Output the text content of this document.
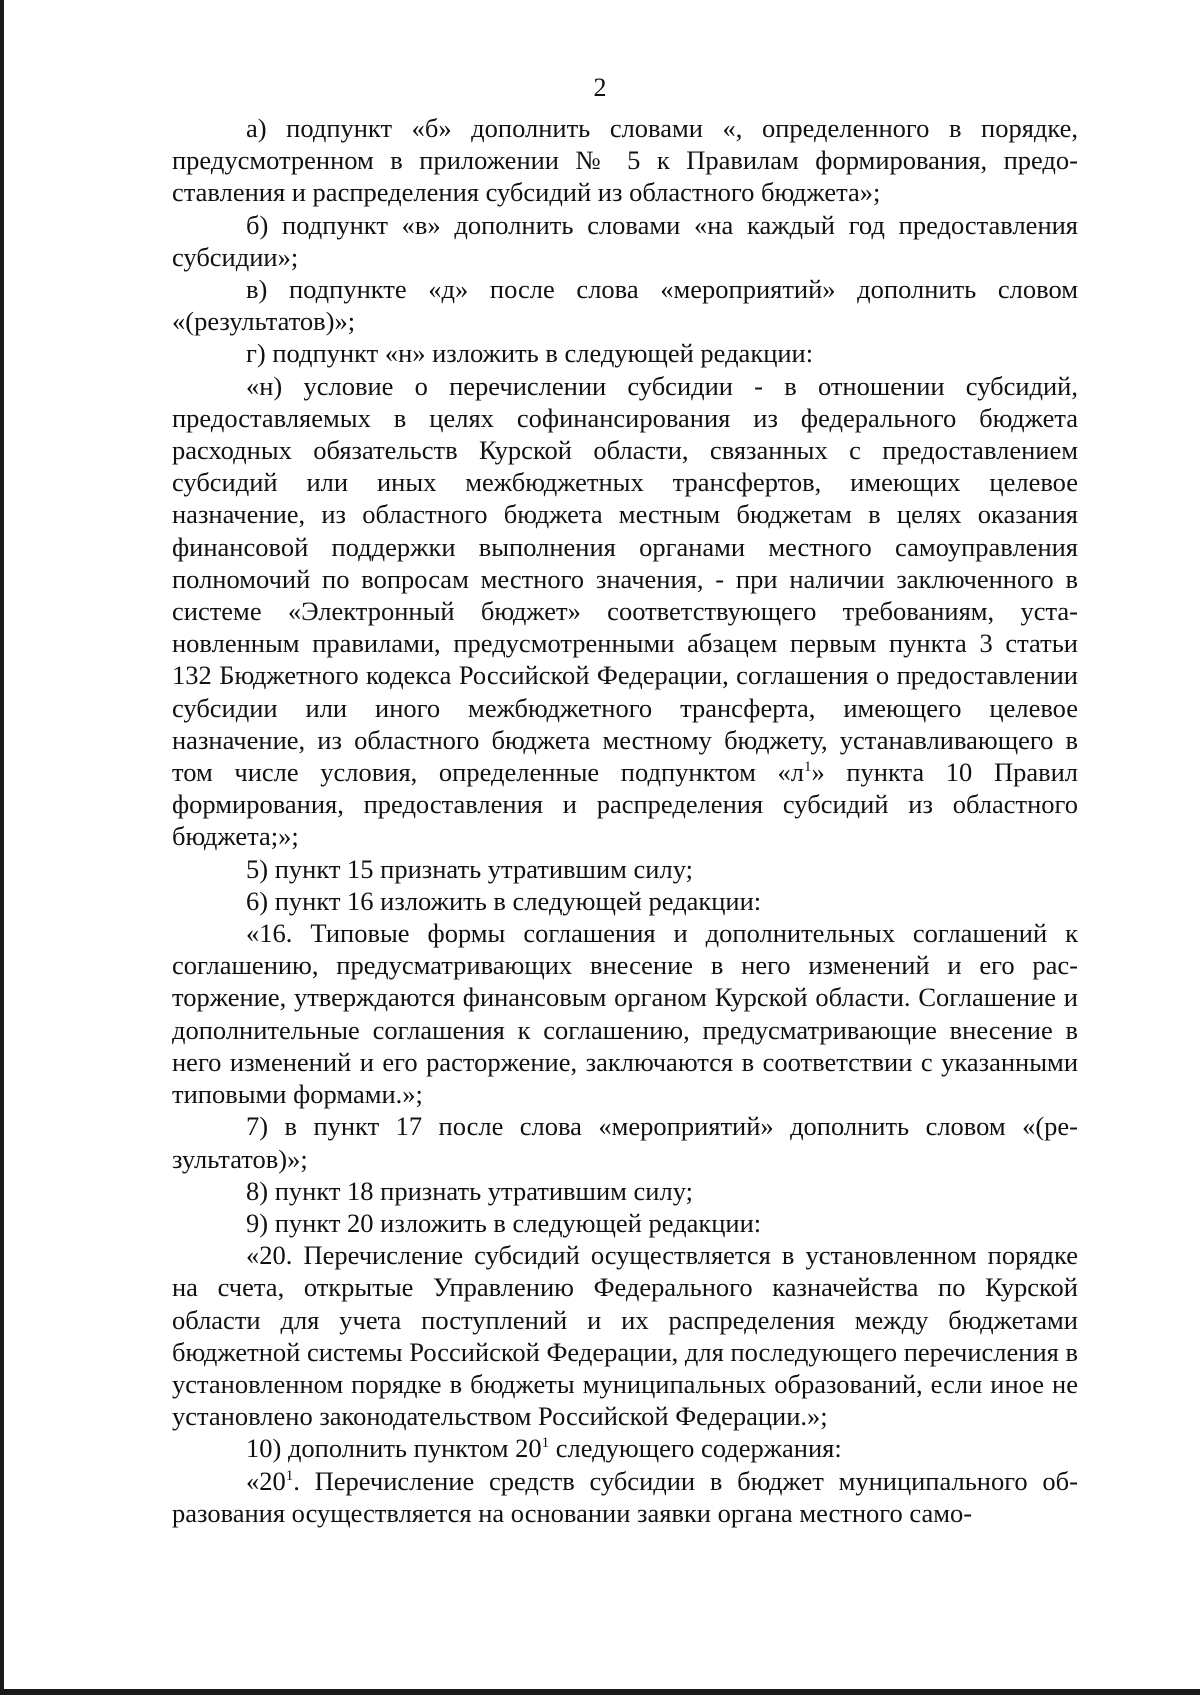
2

а) подпункт «б» дополнить словами «, определенного в порядке, предусмотренном в приложении № 5 к Правилам формирования, предоставления и распределения субсидий из областного бюджета»;

б) подпункт «в» дополнить словами «на каждый год предоставления субсидии»;

в) подпункте «д» после слова «мероприятий» дополнить словом «(результатов)»;

г) подпункт «н» изложить в следующей редакции:

«н) условие о перечислении субсидии - в отношении субсидий, предоставляемых в целях софинансирования из федерального бюджета расходных обязательств Курской области, связанных с предоставлением субсидий или иных межбюджетных трансфертов, имеющих целевое назначение, из областного бюджета местным бюджетам в целях оказания финансовой поддержки выполнения органами местного самоуправления полномочий по вопросам местного значения, - при наличии заключенного в системе «Электронный бюджет» соответствующего требованиям, установленным правилами, предусмотренными абзацем первым пункта 3 статьи 132 Бюджетного кодекса Российской Федерации, соглашения о предоставлении субсидии или иного межбюджетного трансферта, имеющего целевое назначение, из областного бюджета местному бюджету, устанавливающего в том числе условия, определенные подпунктом «$л^1$» пункта 10 Правил формирования, предоставления и распределения субсидий из областного бюджета;»;

5) пункт 15 признать утратившим силу;

6) пункт 16 изложить в следующей редакции:

«16. Типовые формы соглашения и дополнительных соглашений к соглашению, предусматривающих внесение в него изменений и его расторжение, утверждаются финансовым органом Курской области. Соглашение и дополнительные соглашения к соглашению, предусматривающие внесение в него изменений и его расторжение, заключаются в соответствии с указанными типовыми формами.»;

7) в пункт 17 после слова «мероприятий» дополнить словом «(результатов)»;

8) пункт 18 признать утратившим силу;

9) пункт 20 изложить в следующей редакции:

«20. Перечисление субсидий осуществляется в установленном порядке на счета, открытые Управлению Федерального казначейства по Курской области для учета поступлений и их распределения между бюджетами бюджетной системы Российской Федерации, для последующего перечисления в установленном порядке в бюджеты муниципальных образований, если иное не установлено законодательством Российской Федерации.»;

10) дополнить пунктом $20^1$ следующего содержания:

«$20^1$. Перечисление средств субсидии в бюджет муниципального образования осуществляется на основании заявки органа местного само-
